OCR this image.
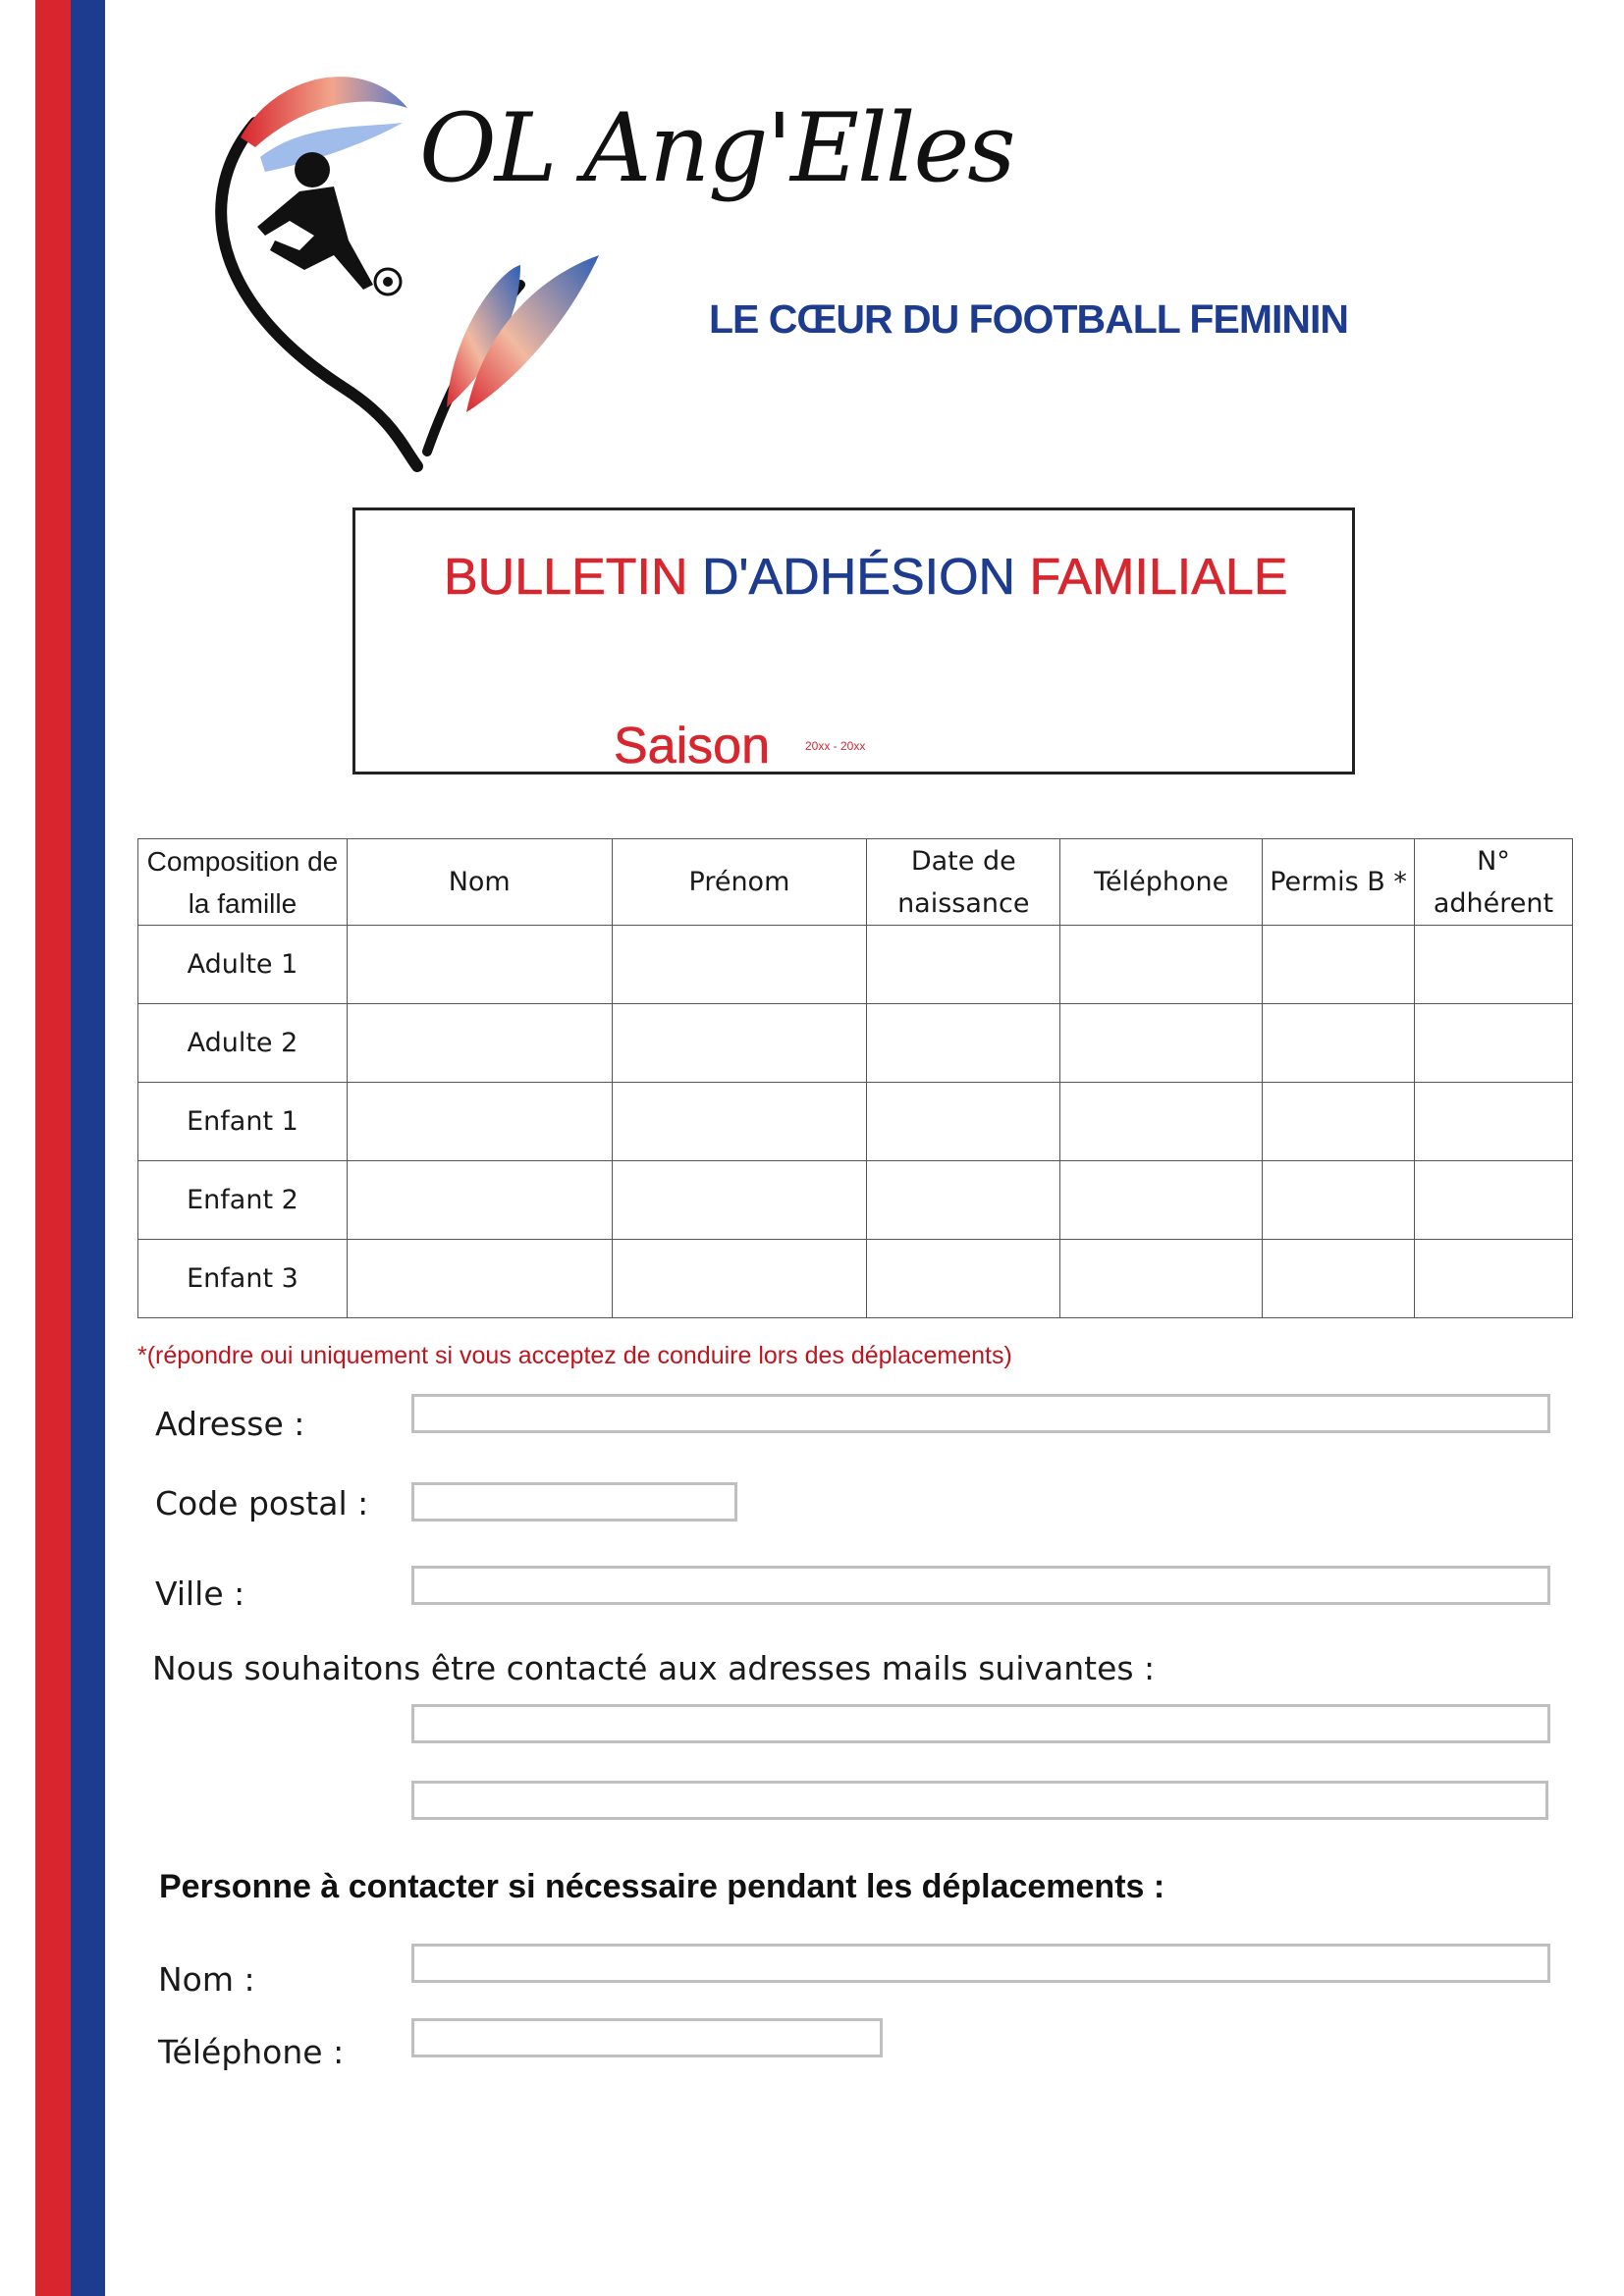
OL Ang'Elles
LE CŒUR DU FOOTBALL FEMININ
BULLETIN D'ADHÉSION FAMILIALE
Saison	20xx - 20xx
Composition de la famille	Nom	Prénom	Date de naissance	Téléphone	Permis B *	N° adhérent
Adulte 1						
Adulte 2						
Enfant 1						
Enfant 2						
Enfant 3						
*(répondre oui uniquement si vous acceptez de conduire lors des déplacements)
Adresse :
Code postal :
Ville :
Nous souhaitons être contacté aux adresses mails suivantes :
Personne à contacter si nécessaire pendant les déplacements :
Nom :
Téléphone :
